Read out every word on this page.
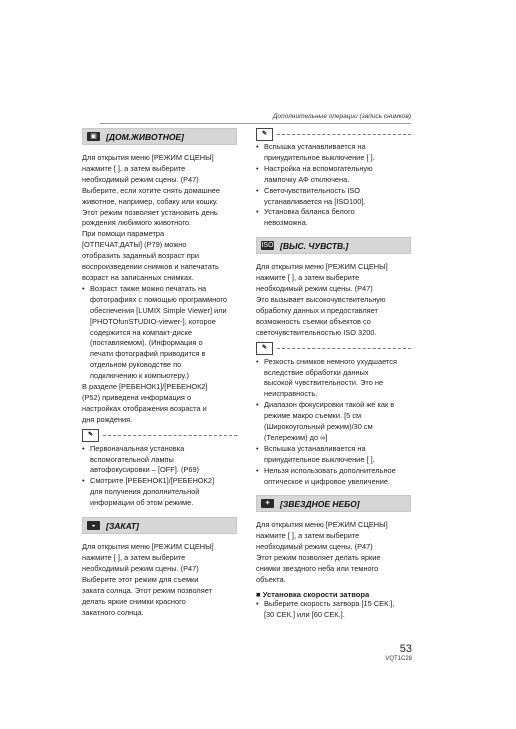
Дополнительные операции (запись снимков)
▣	[ДОМ.ЖИВОТНОЕ]

Для открытия меню [РЕЖИМ СЦЕНЫ]
нажмите [ ], а затем выберите
необходимый режим сцены. (P47)
Выберите, если хотите снять домашнее
животное, например, собаку или кошку.
Этот режим позволяет установить день
рождения любимого животного.
При помощи параметра
[ОТПЕЧАТ.ДАТЫ] (P79) можно
отобразить заданный возраст при
воспроизведении снимков и напечатать
возраст на записанных снимках.

• Возраст также можно печатать на
фотографиях с помощью программного
обеспечения [LUMIX Simple Viewer] или
[PHOTOfunSTUDIO-viewer-], которое
содержится на компакт-диске
(поставляемом). (Информация о
печати фотографий приводится в
отдельном руководстве по
подключению к компьютеру.)

В разделе [РЕБЕНОК1]/[РЕБЕНОК2]
(P52) приведена информация о
настройках отображения возраста и
дня рождения.

✎

• Первоначальная установка
вспомогательной лампы
автофокусировки – [OFF]. (P69)

• Смотрите [РЕБЕНОК1]/[РЕБЕНОК2]
для получения дополнительной
информации об этом режиме.

◒	[ЗАКАТ]

Для открытия меню [РЕЖИМ СЦЕНЫ]
нажмите [ ], а затем выберите
необходимый режим сцены. (P47)
Выберите этот режим для съемки
заката солнца. Этот режим позволяет
делать яркие снимки красного
закатного солнца.

✎

• Вспышка устанавливается на
принудительное выключение [ ].

• Настройка на вспомогательную
лампочку АФ отключена.

• Светочувствительность ISO
устанавливается на [ISO100].

• Установка баланса белого
невозможна.

ISO [ВЫС. ЧУВСТВ.]

Для открытия меню [РЕЖИМ СЦЕНЫ]
нажмите [ ], а затем выберите
необходимый режим сцены. (P47)
Это вызывает высокочувствительную
обработку данных и предоставляет
возможность съемки объектов со
светочувствительностью ISO 3200.

✎

• Резкость снимков немного ухудшается
вследствие обработки данных
высокой чувствительности. Это не
неисправность.

• Диапазон фокусировки такой же как в
режиме макро съемки. [5 см
(Широкоугольный режим)/30 см
(Телережим) до ∞]

• Вспышка устанавливается на
принудительное выключение [ ].

• Нельзя использовать дополнительное
оптическое и цифровое увеличение.

✦	[ЗВЕЗДНОЕ НЕБО]

Для открытия меню [РЕЖИМ СЦЕНЫ]
нажмите [ ], а затем выберите
необходимый режим сцены. (P47)
Этот режим позволяет делать яркие
снимки звездного неба или темного
объекта.

■ Установка скорости затвора

• Выберите скорость затвора [15 СЕК.],
[30 СЕК.] или [60 СЕК.].

53
VQT1C28
